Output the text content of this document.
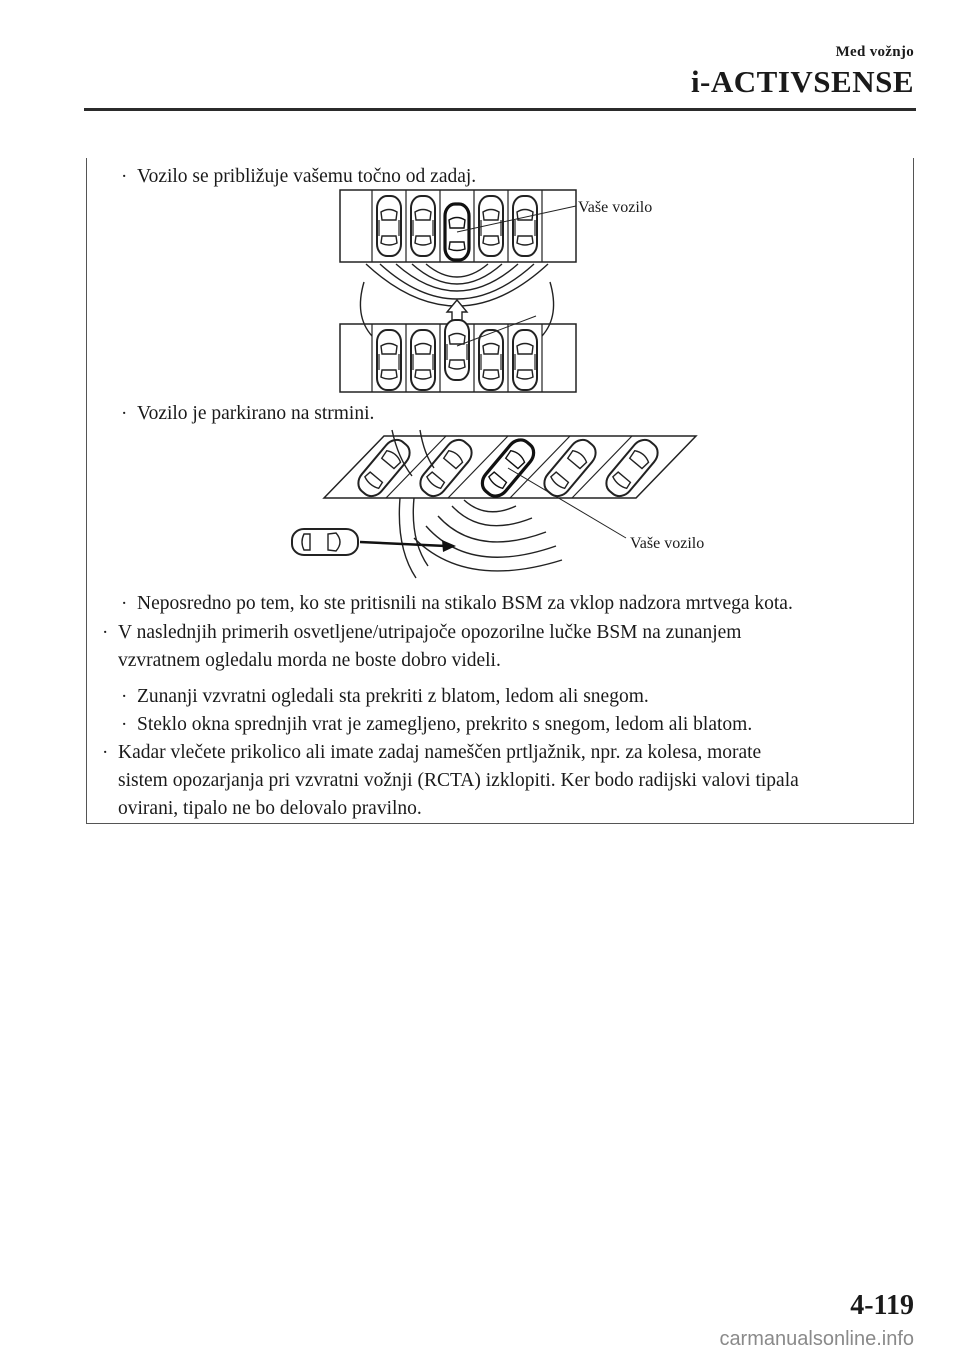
Med vožnjo
i-ACTIVSENSE
· Vozilo se približuje vašemu točno od zadaj.
Vaše vozilo
· Vozilo je parkirano na strmini.
Vaše vozilo
· Neposredno po tem, ko ste pritisnili na stikalo BSM za vklop nadzora mrtvega kota.
· V naslednjih primerih osvetljene/utripajoče opozorilne lučke BSM na zunanjem
vzvratnem ogledalu morda ne boste dobro videli.
· Zunanji vzvratni ogledali sta prekriti z blatom, ledom ali snegom.
· Steklo okna sprednjih vrat je zamegljeno, prekrito s snegom, ledom ali blatom.
· Kadar vlečete prikolico ali imate zadaj nameščen prtljažnik, npr. za kolesa, morate
sistem opozarjanja pri vzvratni vožnji (RCTA) izklopiti. Ker bodo radijski valovi tipala
ovirani, tipalo ne bo delovalo pravilno.
4-119
carmanualsonline.info
